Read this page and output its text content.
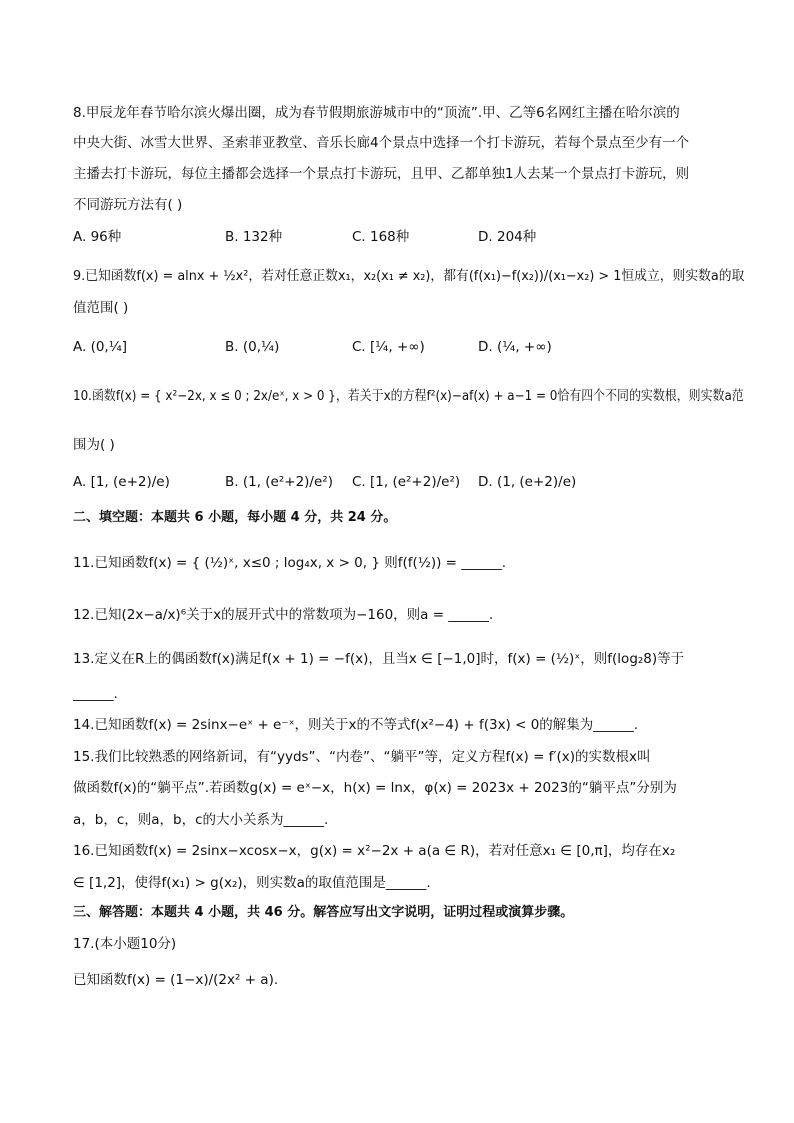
8.甲辰龙年春节哈尔滨火爆出圈，成为春节假期旅游城市中的“顶流”.甲、乙等6名网红主播在哈尔滨的
中央大街、冰雪大世界、圣索菲亚教堂、音乐长廊4个景点中选择一个打卡游玩，若每个景点至少有一个
主播去打卡游玩，每位主播都会选择一个景点打卡游玩，且甲、乙都单独1人去某一个景点打卡游玩，则
不同游玩方法有( )
A. 96种	B. 132种	C. 168种	D. 204种
9.已知函数f(x) = alnx + ½x²，若对任意正数x₁，x₂(x₁ ≠ x₂)，都有(f(x₁)−f(x₂))/(x₁−x₂) > 1恒成立，则实数a的取
值范围( )
A. (0,¼]	B. (0,¼)	C. [¼, +∞)	D. (¼, +∞)
10.函数f(x) = { x²−2x, x ≤ 0 ; 2x/eˣ, x > 0 }，若关于x的方程f²(x)−af(x) + a−1 = 0恰有四个不同的实数根，则实数a范
围为( )
A. [1, (e+2)/e)	B. (1, (e²+2)/e²) C. [1, (e²+2)/e²) D. (1, (e+2)/e)
二、填空题：本题共 6 小题，每小题 4 分，共 24 分。
11.已知函数f(x) = { (½)ˣ, x≤0 ; log₄x, x > 0, } 则f(f(½)) = ______.
12.已知(2x−a/x)⁶关于x的展开式中的常数项为−160，则a = ______.
13.定义在R上的偶函数f(x)满足f(x + 1) = −f(x)，且当x ∈ [−1,0]时，f(x) = (½)ˣ，则f(log₂8)等于
______.
14.已知函数f(x) = 2sinx−eˣ + e⁻ˣ，则关于x的不等式f(x²−4) + f(3x) < 0的解集为______.
15.我们比较熟悉的网络新词，有“yyds”、“内卷”、“躺平”等，定义方程f(x) = f′(x)的实数根x叫
做函数f(x)的“躺平点”.若函数g(x) = eˣ−x，h(x) = lnx，φ(x) = 2023x + 2023的“躺平点”分别为
a，b，c，则a，b，c的大小关系为______.
16.已知函数f(x) = 2sinx−xcosx−x，g(x) = x²−2x + a(a ∈ R)，若对任意x₁ ∈ [0,π]，均存在x₂
∈ [1,2]，使得f(x₁) > g(x₂)，则实数a的取值范围是______.
三、解答题：本题共 4 小题，共 46 分。解答应写出文字说明，证明过程或演算步骤。
17.(本小题10分)
已知函数f(x) = (1−x)/(2x² + a).
